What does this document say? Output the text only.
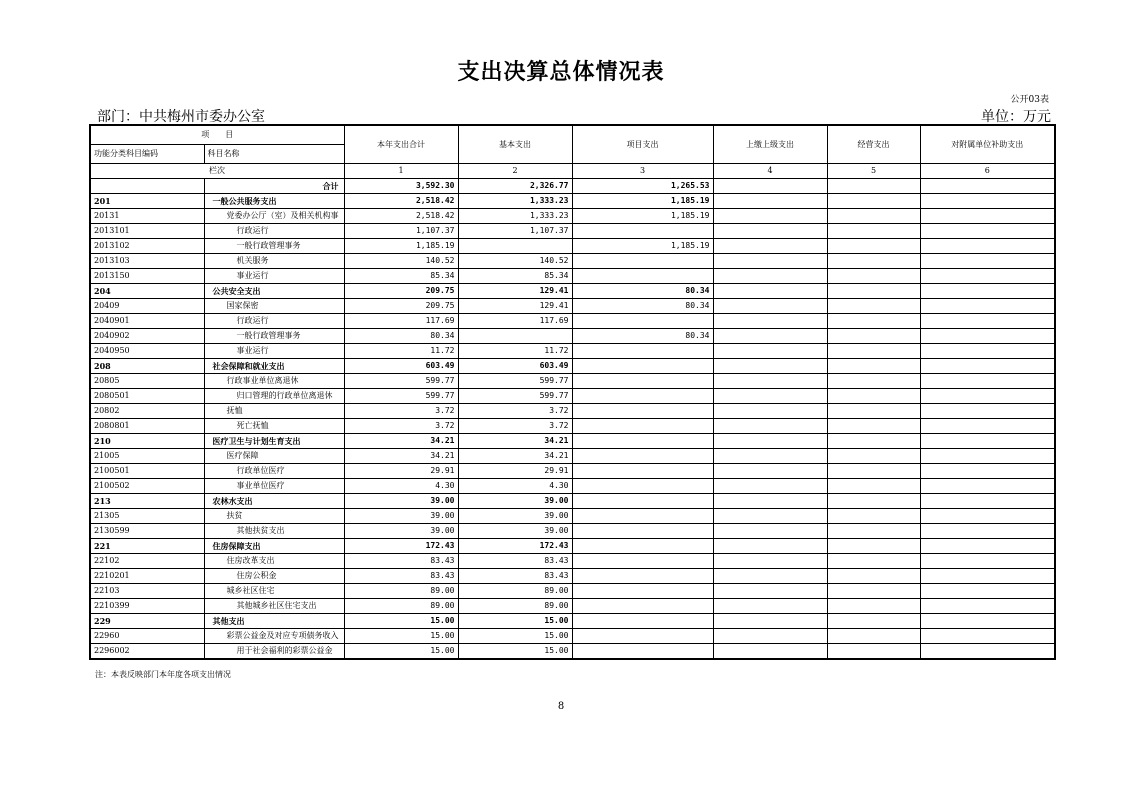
支出决算总体情况表
公开03表
部门：中共梅州市委办公室	单位：万元
项　　目		本年支出合计	基本支出	项目支出	上缴上级支出	经营支出	对附属单位补助支出
功能分类科目编码	科目名称						
栏次		1	2	3	4	5	6
	合计	3,592.30	2,326.77	1,265.53			
201	一般公共服务支出	2,518.42	1,333.23	1,185.19			
20131	党委办公厅（室）及相关机构事	2,518.42	1,333.23	1,185.19			
2013101	行政运行	1,107.37	1,107.37				
2013102	一般行政管理事务	1,185.19		1,185.19			
2013103	机关服务	140.52	140.52				
2013150	事业运行	85.34	85.34				
204	公共安全支出	209.75	129.41	80.34			
20409	国家保密	209.75	129.41	80.34			
2040901	行政运行	117.69	117.69				
2040902	一般行政管理事务	80.34		80.34			
2040950	事业运行	11.72	11.72				
208	社会保障和就业支出	603.49	603.49				
20805	行政事业单位离退休	599.77	599.77				
2080501	归口管理的行政单位离退休	599.77	599.77				
20802	抚恤	3.72	3.72				
2080801	死亡抚恤	3.72	3.72				
210	医疗卫生与计划生育支出	34.21	34.21				
21005	医疗保障	34.21	34.21				
2100501	行政单位医疗	29.91	29.91				
2100502	事业单位医疗	4.30	4.30				
213	农林水支出	39.00	39.00				
21305	扶贫	39.00	39.00				
2130599	其他扶贫支出	39.00	39.00				
221	住房保障支出	172.43	172.43				
22102	住房改革支出	83.43	83.43				
2210201	住房公积金	83.43	83.43				
22103	城乡社区住宅	89.00	89.00				
2210399	其他城乡社区住宅支出	89.00	89.00				
229	其他支出	15.00	15.00				
22960	彩票公益金及对应专项债务收入	15.00	15.00				
2296002	用于社会福利的彩票公益金	15.00	15.00				
注：本表反映部门本年度各项支出情况
8
